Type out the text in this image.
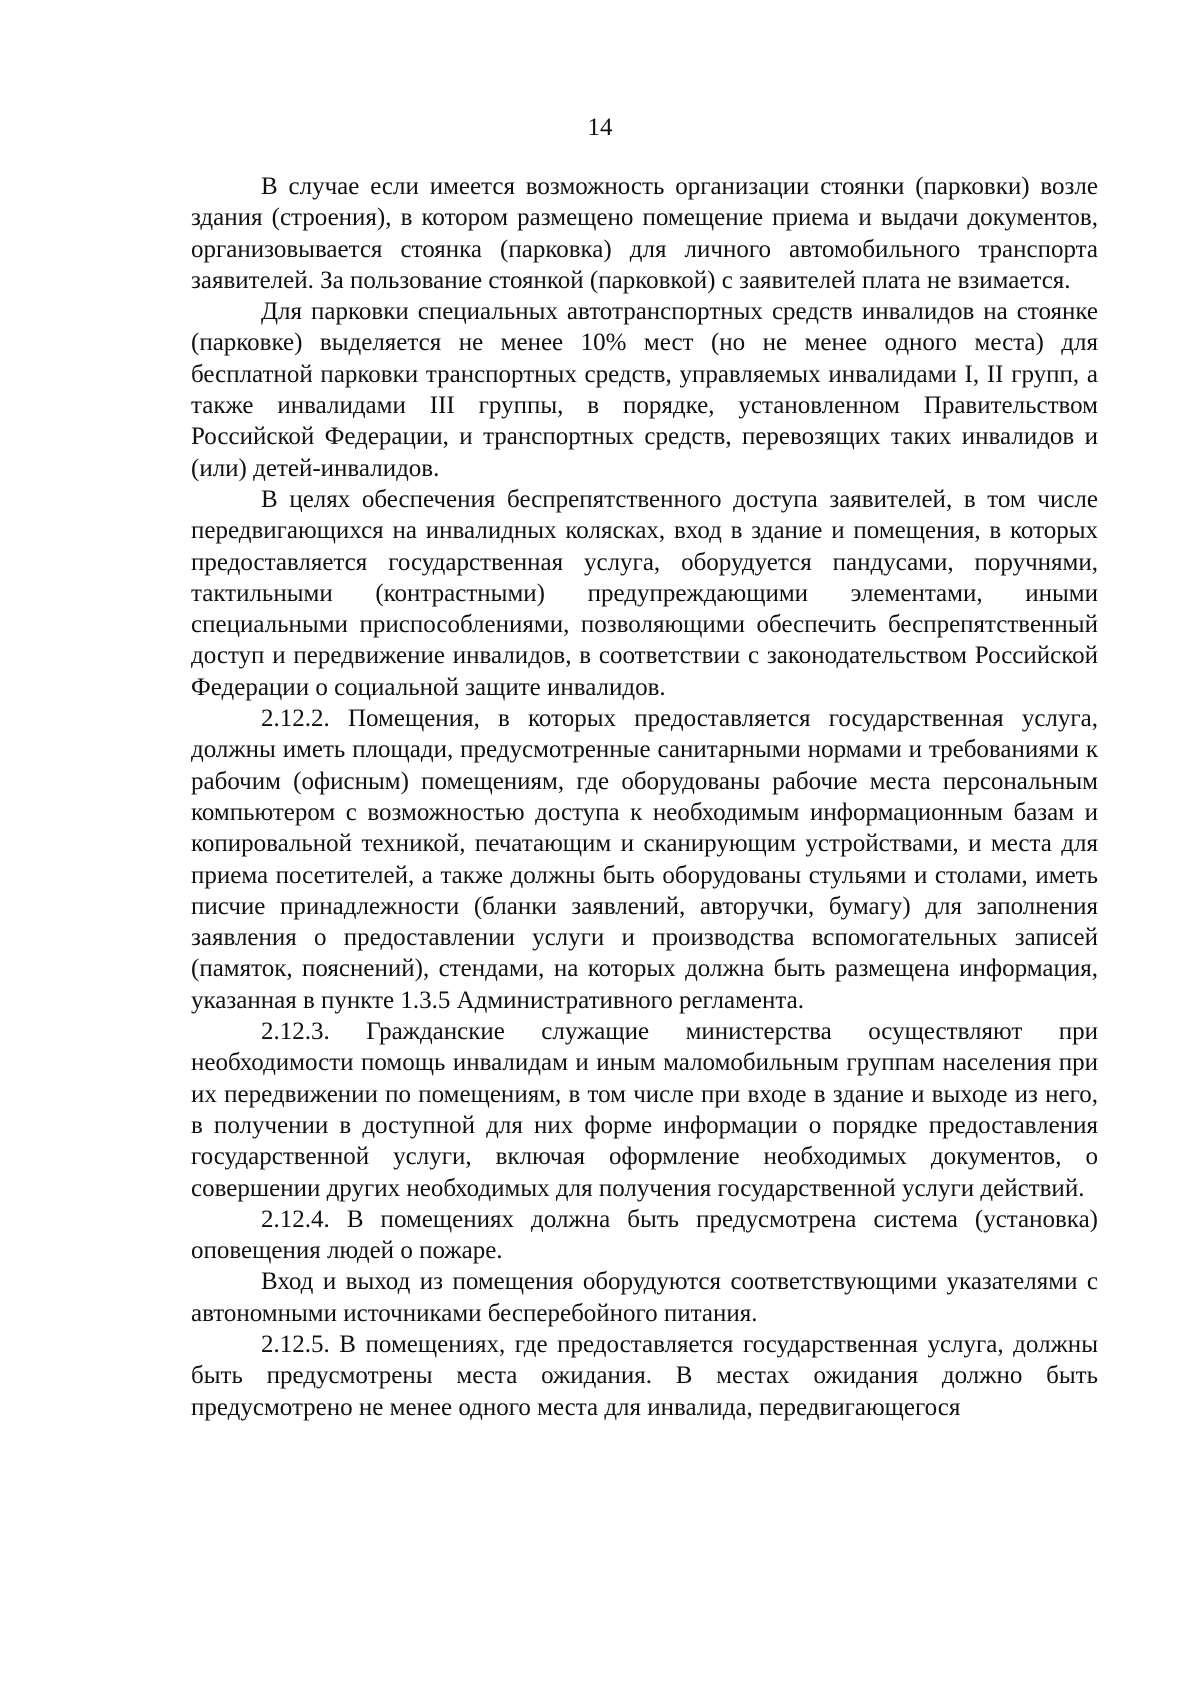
14

В случае если имеется возможность организации стоянки (парковки) возле здания (строения), в котором размещено помещение приема и выдачи документов, организовывается стоянка (парковка) для личного автомобильного транспорта заявителей. За пользование стоянкой (парковкой) с заявителей плата не взимается.

Для парковки специальных автотранспортных средств инвалидов на стоянке (парковке) выделяется не менее 10% мест (но не менее одного места) для бесплатной парковки транспортных средств, управляемых инвалидами I, II групп, а также инвалидами III группы, в порядке, установленном Правительством Российской Федерации, и транспортных средств, перевозящих таких инвалидов и (или) детей-инвалидов.

В целях обеспечения беспрепятственного доступа заявителей, в том числе передвигающихся на инвалидных колясках, вход в здание и помещения, в которых предоставляется государственная услуга, оборудуется пандусами, поручнями, тактильными (контрастными) предупреждающими элементами, иными специальными приспособлениями, позволяющими обеспечить беспрепятственный доступ и передвижение инвалидов, в соответствии с законодательством Российской Федерации о социальной защите инвалидов.

2.12.2. Помещения, в которых предоставляется государственная услуга, должны иметь площади, предусмотренные санитарными нормами и требованиями к рабочим (офисным) помещениям, где оборудованы рабочие места персональным компьютером с возможностью доступа к необходимым информационным базам и копировальной техникой, печатающим и сканирующим устройствами, и места для приема посетителей, а также должны быть оборудованы стульями и столами, иметь писчие принадлежности (бланки заявлений, авторучки, бумагу) для заполнения заявления о предоставлении услуги и производства вспомогательных записей (памяток, пояснений), стендами, на которых должна быть размещена информация, указанная в пункте 1.3.5 Административного регламента.

2.12.3. Гражданские служащие министерства осуществляют при необходимости помощь инвалидам и иным маломобильным группам населения при их передвижении по помещениям, в том числе при входе в здание и выходе из него, в получении в доступной для них форме информации о порядке предоставления государственной услуги, включая оформление необходимых документов, о совершении других необходимых для получения государственной услуги действий.

2.12.4. В помещениях должна быть предусмотрена система (установка) оповещения людей о пожаре.

Вход и выход из помещения оборудуются соответствующими указателями с автономными источниками бесперебойного питания.

2.12.5. В помещениях, где предоставляется государственная услуга, должны быть предусмотрены места ожидания. В местах ожидания должно быть предусмотрено не менее одного места для инвалида, передвигающегося
